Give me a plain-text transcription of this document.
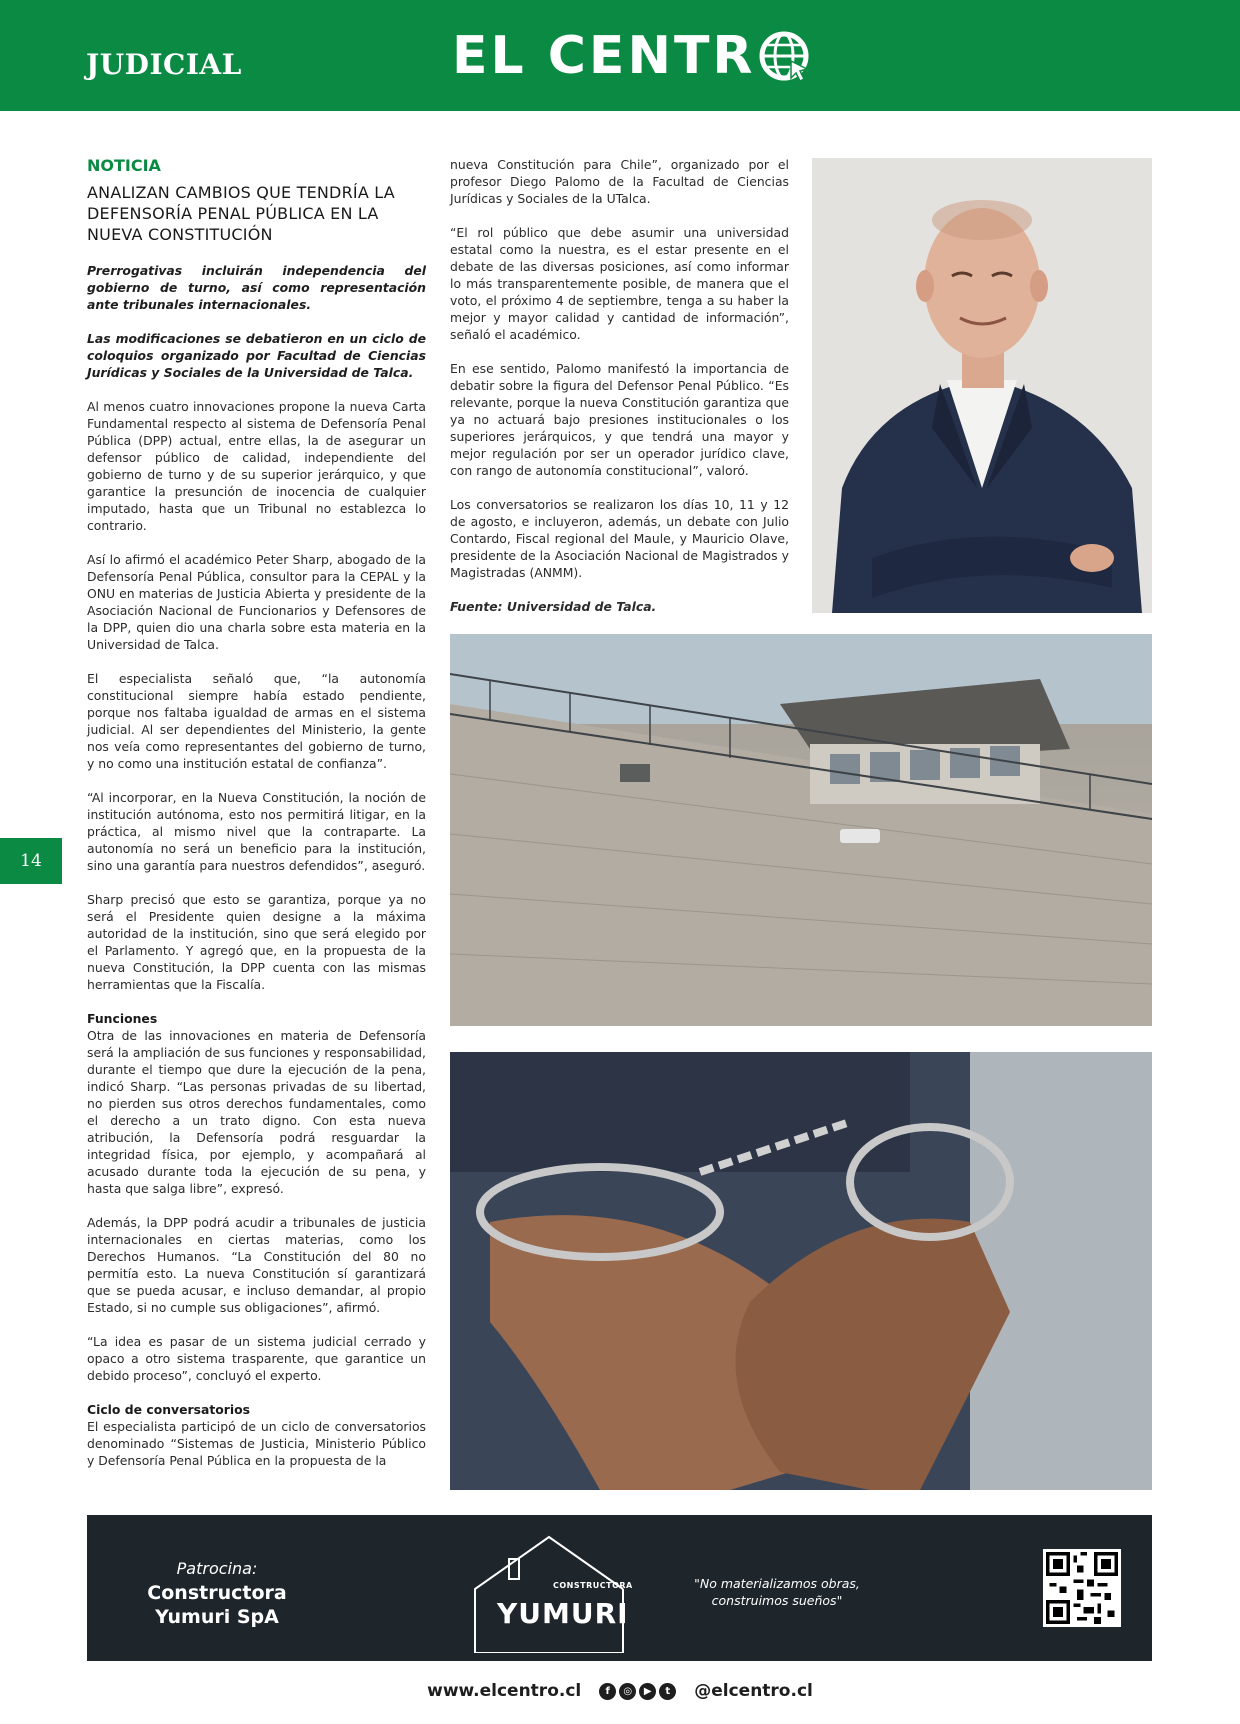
JUDICIAL	EL CENTR
14
NOTICIA

ANALIZAN CAMBIOS QUE TENDRÍA LA DEFENSORÍA PENAL PÚBLICA EN LA NUEVA CONSTITUCIÓN

Prerrogativas incluirán independencia del gobierno de turno, así como representación ante tribunales internacionales.

Las modificaciones se debatieron en un ciclo de coloquios organizado por Facultad de Ciencias Jurídicas y Sociales de la Universidad de Talca.

Al menos cuatro innovaciones propone la nueva Carta Fundamental respecto al sistema de Defensoría Penal Pública (DPP) actual, entre ellas, la de asegurar un defensor público de calidad, independiente del gobierno de turno y de su superior jerárquico, y que garantice la presunción de inocencia de cualquier imputado, hasta que un Tribunal no establezca lo contrario.

Así lo afirmó el académico Peter Sharp, abogado de la Defensoría Penal Pública, consultor para la CEPAL y la ONU en materias de Justicia Abierta y presidente de la Asociación Nacional de Funcionarios y Defensores de la DPP, quien dio una charla sobre esta materia en la Universidad de Talca.

El especialista señaló que, “la autonomía constitucional siempre había estado pendiente, porque nos faltaba igualdad de armas en el sistema judicial. Al ser dependientes del Ministerio, la gente nos veía como representantes del gobierno de turno, y no como una institución estatal de confianza”.

“Al incorporar, en la Nueva Constitución, la noción de institución autónoma, esto nos permitirá litigar, en la práctica, al mismo nivel que la contraparte. La autonomía no será un beneficio para la institución, sino una garantía para nuestros defendidos”, aseguró.

Sharp precisó que esto se garantiza, porque ya no será el Presidente quien designe a la máxima autoridad de la institución, sino que será elegido por el Parlamento. Y agregó que, en la propuesta de la nueva Constitución, la DPP cuenta con las mismas herramientas que la Fiscalía.

Funciones

Otra de las innovaciones en materia de Defensoría será la ampliación de sus funciones y responsabilidad, durante el tiempo que dure la ejecución de la pena, indicó Sharp. “Las personas privadas de su libertad, no pierden sus otros derechos fundamentales, como el derecho a un trato digno. Con esta nueva atribución, la Defensoría podrá resguardar la integridad física, por ejemplo, y acompañará al acusado durante toda la ejecución de su pena, y hasta que salga libre”, expresó.

Además, la DPP podrá acudir a tribunales de justicia internacionales en ciertas materias, como los Derechos Humanos. “La Constitución del 80 no permitía esto. La nueva Constitución sí garantizará que se pueda acusar, e incluso demandar, al propio Estado, si no cumple sus obligaciones”, afirmó.

“La idea es pasar de un sistema judicial cerrado y opaco a otro sistema trasparente, que garantice un debido proceso”, concluyó el experto.

Ciclo de conversatorios

El especialista participó de un ciclo de conversatorios denominado “Sistemas de Justicia, Ministerio Público y Defensoría Penal Pública en la propuesta de la

nueva Constitución para Chile”, organizado por el profesor Diego Palomo de la Facultad de Ciencias Jurídicas y Sociales de la UTalca.

“El rol público que debe asumir una universidad estatal como la nuestra, es el estar presente en el debate de las diversas posiciones, así como informar lo más transparentemente posible, de manera que el voto, el próximo 4 de septiembre, tenga a su haber la mejor y mayor calidad y cantidad de información”, señaló el académico.

En ese sentido, Palomo manifestó la importancia de debatir sobre la figura del Defensor Penal Público. “Es relevante, porque la nueva Constitución garantiza que ya no actuará bajo presiones institucionales o los superiores jerárquicos, y que tendrá una mayor y mejor regulación por ser un operador jurídico clave, con rango de autonomía constitucional”, valoró.

Los conversatorios se realizaron los días 10, 11 y 12 de agosto, e incluyeron, además, un debate con Julio Contardo, Fiscal regional del Maule, y Mauricio Olave, presidente de la Asociación Nacional de Magistrados y Magistradas (ANMM).

Fuente: Universidad de Talca.

Patrocina:
Constructora
Yumuri SpA
CONSTRUCTORA
YUMURI
"No materializamos obras, construimos sueños"
www.elcentro.cl	f	◎	▶	t	@elcentro.cl
